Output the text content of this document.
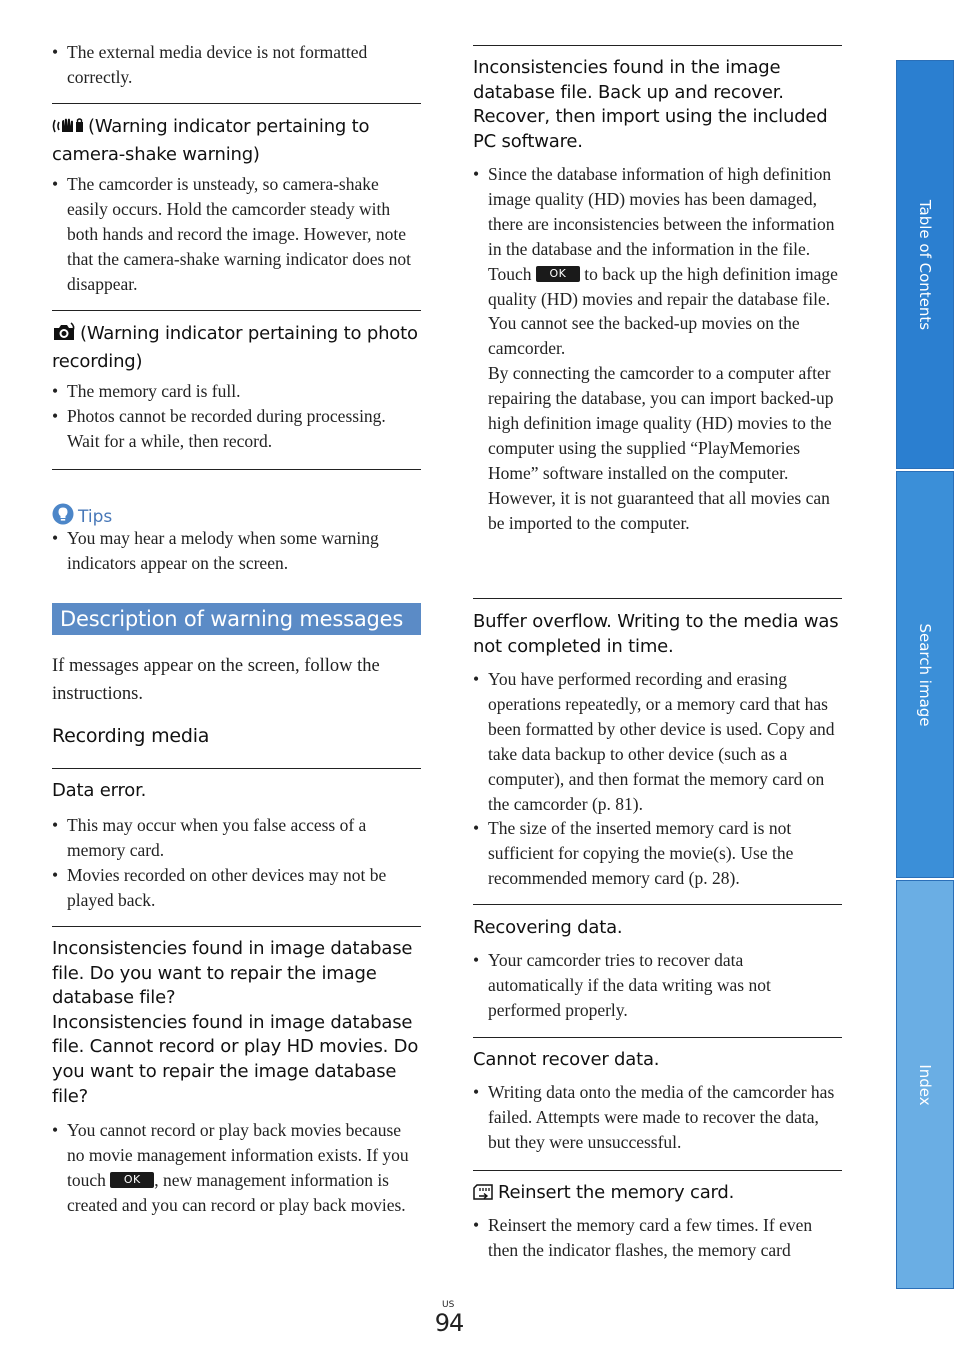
• The external media device is not formatted correctly.
(Warning indicator pertaining to camera-shake warning)
• The camcorder is unsteady, so camera-shake easily occurs. Hold the camcorder steady with both hands and record the image. However, note that the camera-shake warning indicator does not disappear.
(Warning indicator pertaining to photo recording)
• The memory card is full.
• Photos cannot be recorded during processing. Wait for a while, then record.
Tips
• You may hear a melody when some warning indicators appear on the screen.
Description of warning messages
If messages appear on the screen, follow the instructions.
Recording media
Data error.
• This may occur when you false access of a memory card.
• Movies recorded on other devices may not be played back.
Inconsistencies found in image database file. Do you want to repair the image database file?
Inconsistencies found in image database file. Cannot record or play HD movies. Do you want to repair the image database file?
• You cannot record or play back movies because no movie management information exists. If you touch OK , new management information is created and you can record or play back movies.
Inconsistencies found in the image database file. Back up and recover. Recover, then import using the included PC software.
• Since the database information of high definition image quality (HD) movies has been damaged, there are inconsistencies between the information in the database and the information in the file. Touch OK to back up the high definition image quality (HD) movies and repair the database file. You cannot see the backed-up movies on the camcorder.
By connecting the camcorder to a computer after repairing the database, you can import backed-up high definition image quality (HD) movies to the computer using the supplied “PlayMemories Home” software installed on the computer. However, it is not guaranteed that all movies can be imported to the computer.
Buffer overflow. Writing to the media was not completed in time.
• You have performed recording and erasing operations repeatedly, or a memory card that has been formatted by other device is used. Copy and take data backup to other device (such as a computer), and then format the memory card on the camcorder (p. 81).
• The size of the inserted memory card is not sufficient for copying the movie(s). Use the recommended memory card (p. 28).
Recovering data.
• Your camcorder tries to recover data automatically if the data writing was not performed properly.
Cannot recover data.
• Writing data onto the media of the camcorder has failed. Attempts were made to recover the data, but they were unsuccessful.
Reinsert the memory card.
• Reinsert the memory card a few times. If even then the indicator flashes, the memory card
Table of Contents
Search image
Index
US
94
